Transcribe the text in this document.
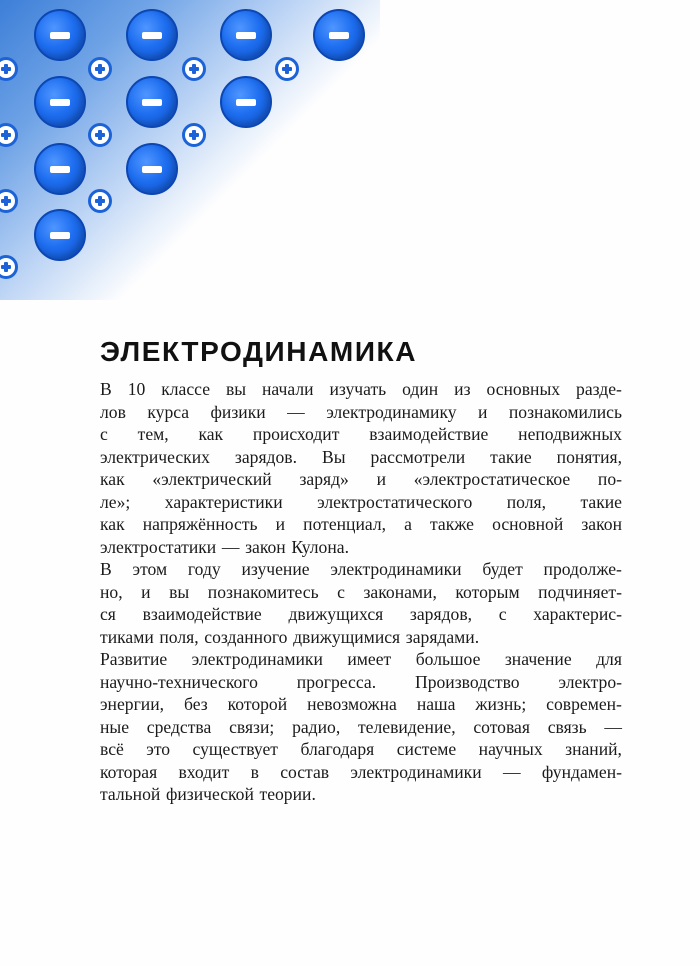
ЭЛЕКТРОДИНАМИКА
В 10 классе вы начали изучать один из основных разде-
лов курса физики — электродинамику и познакомились
с тем, как происходит взаимодействие неподвижных
электрических зарядов. Вы рассмотрели такие понятия,
как «электрический заряд» и «электростатическое по-
ле»; характеристики электростатического поля, такие
как напряжённость и потенциал, а также основной закон
электростатики — закон Кулона.
В этом году изучение электродинамики будет продолже-
но, и вы познакомитесь с законами, которым подчиняет-
ся взаимодействие движущихся зарядов, с характерис-
тиками поля, созданного движущимися зарядами.
Развитие электродинамики имеет большое значение для
научно-технического прогресса. Производство электро-
энергии, без которой невозможна наша жизнь; современ-
ные средства связи; радио, телевидение, сотовая связь —
всё это существует благодаря системе научных знаний,
которая входит в состав электродинамики — фундамен-
тальной физической теории.
